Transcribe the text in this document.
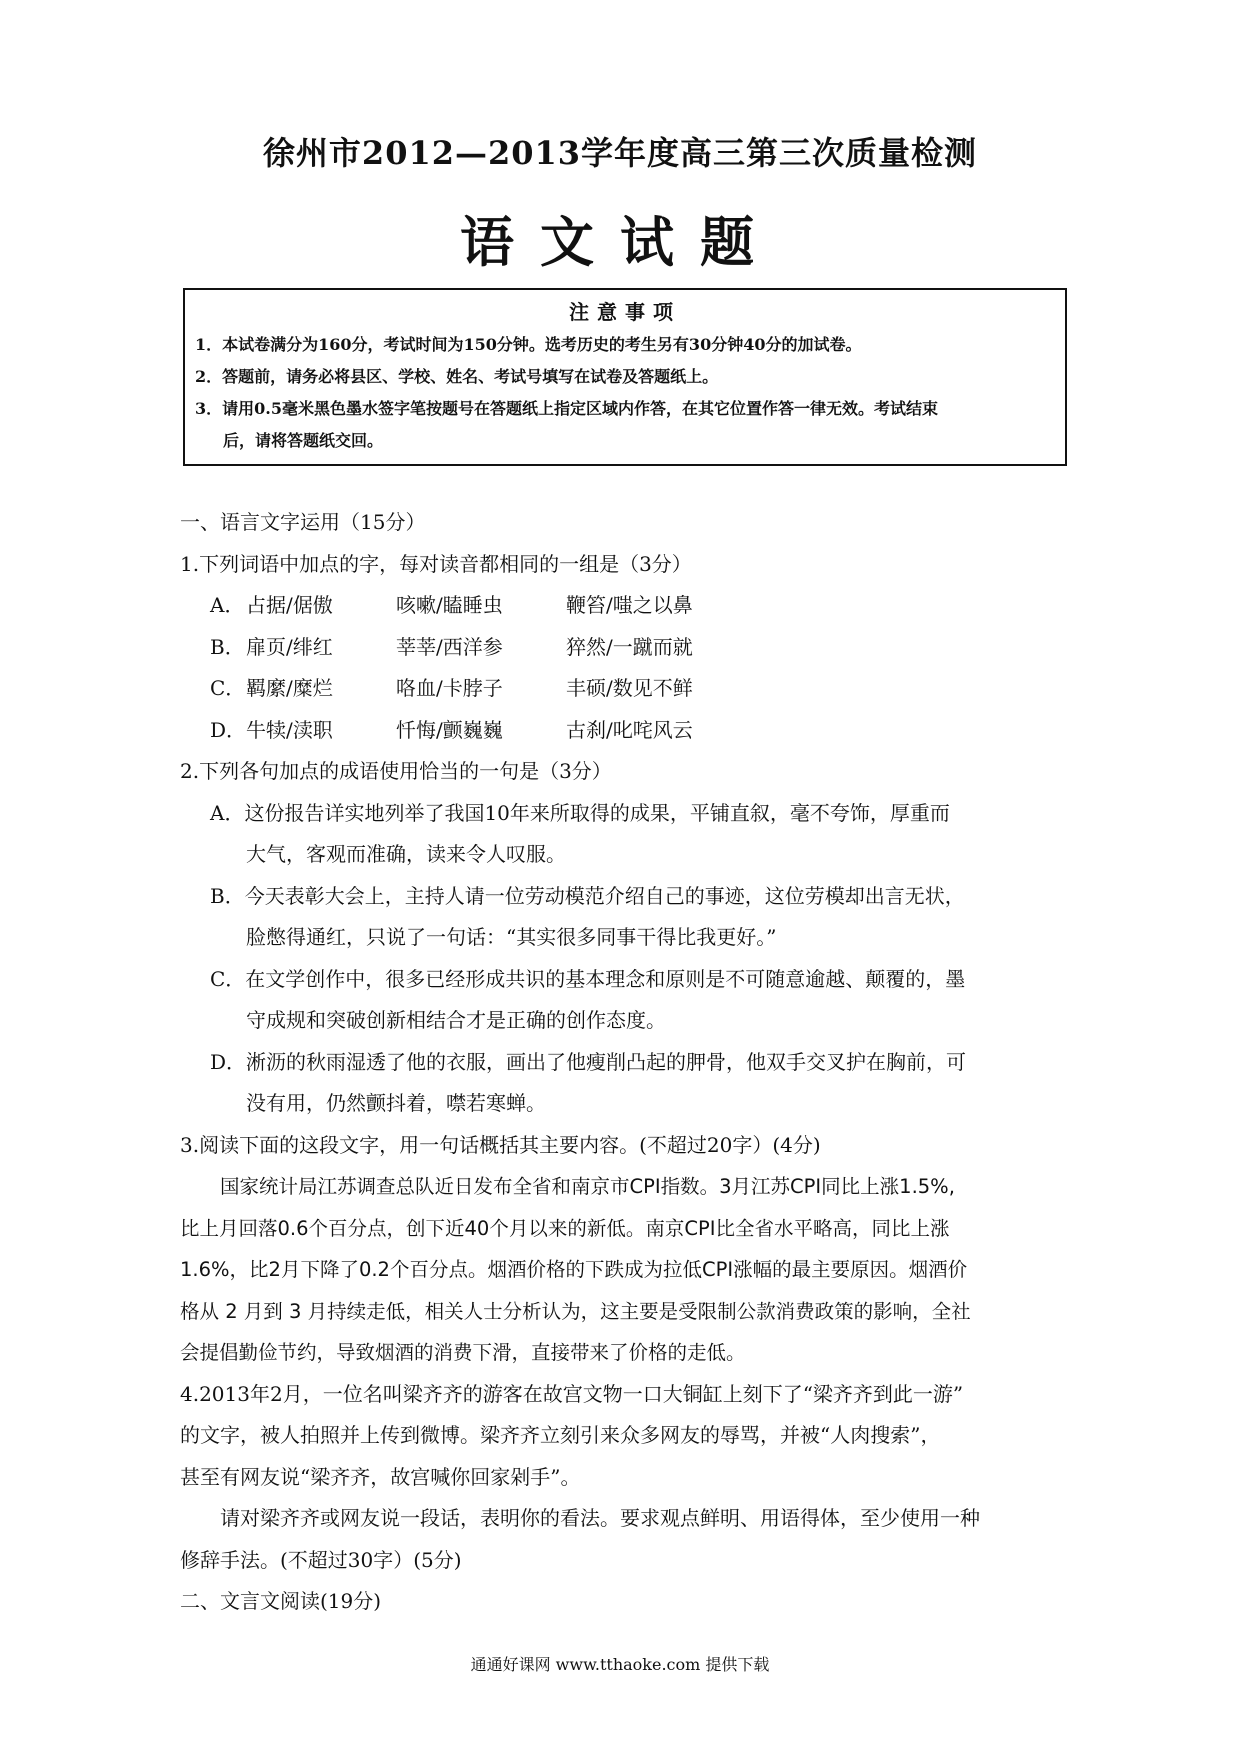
徐州市2012—2013学年度高三第三次质量检测
语文试题
注意事项
1．本试卷满分为160分，考试时间为150分钟。选考历史的考生另有30分钟40分的加试卷。
2．答题前，请务必将县区、学校、姓名、考试号填写在试卷及答题纸上。
3．请用0.5毫米黑色墨水签字笔按题号在答题纸上指定区域内作答，在其它位置作答一律无效。考试结束
后，请将答题纸交回。
一、语言文字运用（15分）
1.下列词语中加点的字，每对读音都相同的一组是（3分）
A．占据/倨傲	咳嗽/瞌睡虫	鞭笞/嗤之以鼻
B．扉页/绯红	莘莘/西洋参	猝然/一蹴而就
C．羁縻/糜烂	咯血/卡脖子	丰硕/数见不鲜
D．牛犊/渎职	忏悔/颤巍巍	古刹/叱咤风云
2.下列各句加点的成语使用恰当的一句是（3分）
A．这份报告详实地列举了我国10年来所取得的成果，平铺直叙，毫不夸饰，厚重而
大气，客观而准确，读来令人叹服。
B．今天表彰大会上，主持人请一位劳动模范介绍自己的事迹，这位劳模却出言无状，
脸憋得通红，只说了一句话：“其实很多同事干得比我更好。”
C．在文学创作中，很多已经形成共识的基本理念和原则是不可随意逾越、颠覆的，墨
守成规和突破创新相结合才是正确的创作态度。
D．淅沥的秋雨湿透了他的衣服，画出了他瘦削凸起的胛骨，他双手交叉护在胸前，可
没有用，仍然颤抖着，噤若寒蝉。
3.阅读下面的这段文字，用一句话概括其主要内容。(不超过20字）(4分)
国家统计局江苏调查总队近日发布全省和南京市CPI指数。3月江苏CPI同比上涨1.5%,
比上月回落0.6个百分点，创下近40个月以来的新低。南京CPI比全省水平略高，同比上涨
1.6%，比2月下降了0.2个百分点。烟酒价格的下跌成为拉低CPI涨幅的最主要原因。烟酒价
格从 2 月到 3 月持续走低，相关人士分析认为，这主要是受限制公款消费政策的影响，全社
会提倡勤俭节约，导致烟酒的消费下滑，直接带来了价格的走低。
4.2013年2月，一位名叫梁齐齐的游客在故宫文物一口大铜缸上刻下了“梁齐齐到此一游”
的文字，被人拍照并上传到微博。梁齐齐立刻引来众多网友的辱骂，并被“人肉搜索”，
甚至有网友说“梁齐齐，故宫喊你回家剁手”。
请对梁齐齐或网友说一段话，表明你的看法。要求观点鲜明、用语得体，至少使用一种
修辞手法。(不超过30字）(5分)
二、文言文阅读(19分)
通通好课网 www.tthaoke.com 提供下载
